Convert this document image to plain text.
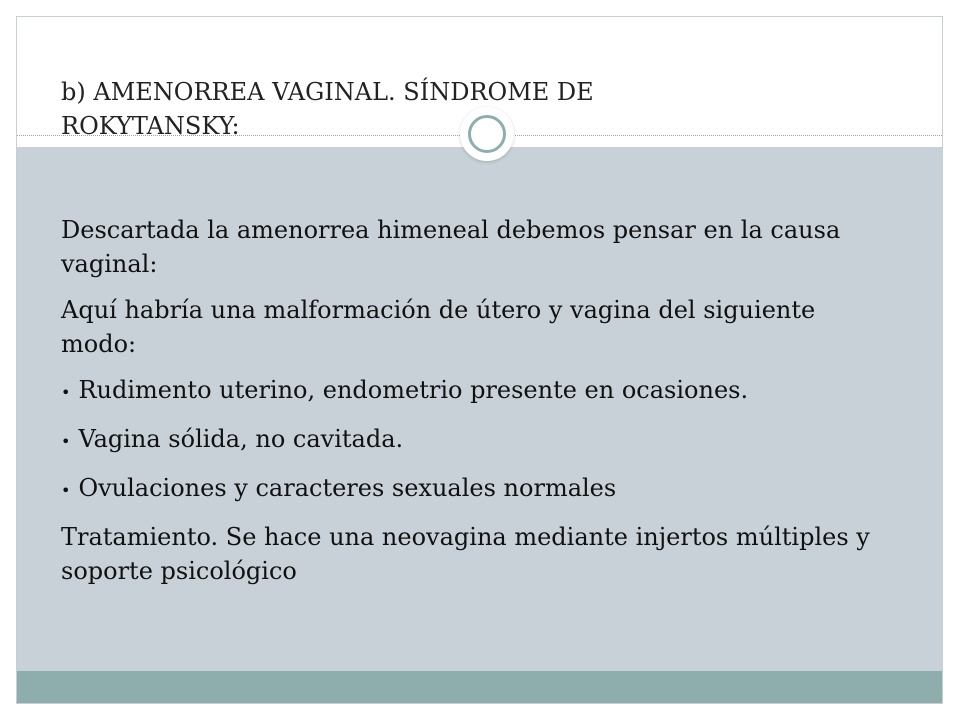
b) AMENORREA VAGINAL. SÍNDROME DE ROKYTANSKY:

Descartada la amenorrea himeneal debemos pensar en la causa vaginal:

Aquí habría una malformación de útero y vagina del siguiente modo:

• Rudimento uterino, endometrio presente en ocasiones.
• Vagina sólida, no cavitada.
• Ovulaciones y caracteres sexuales normales

Tratamiento. Se hace una neovagina mediante injertos múltiples y soporte psicológico
